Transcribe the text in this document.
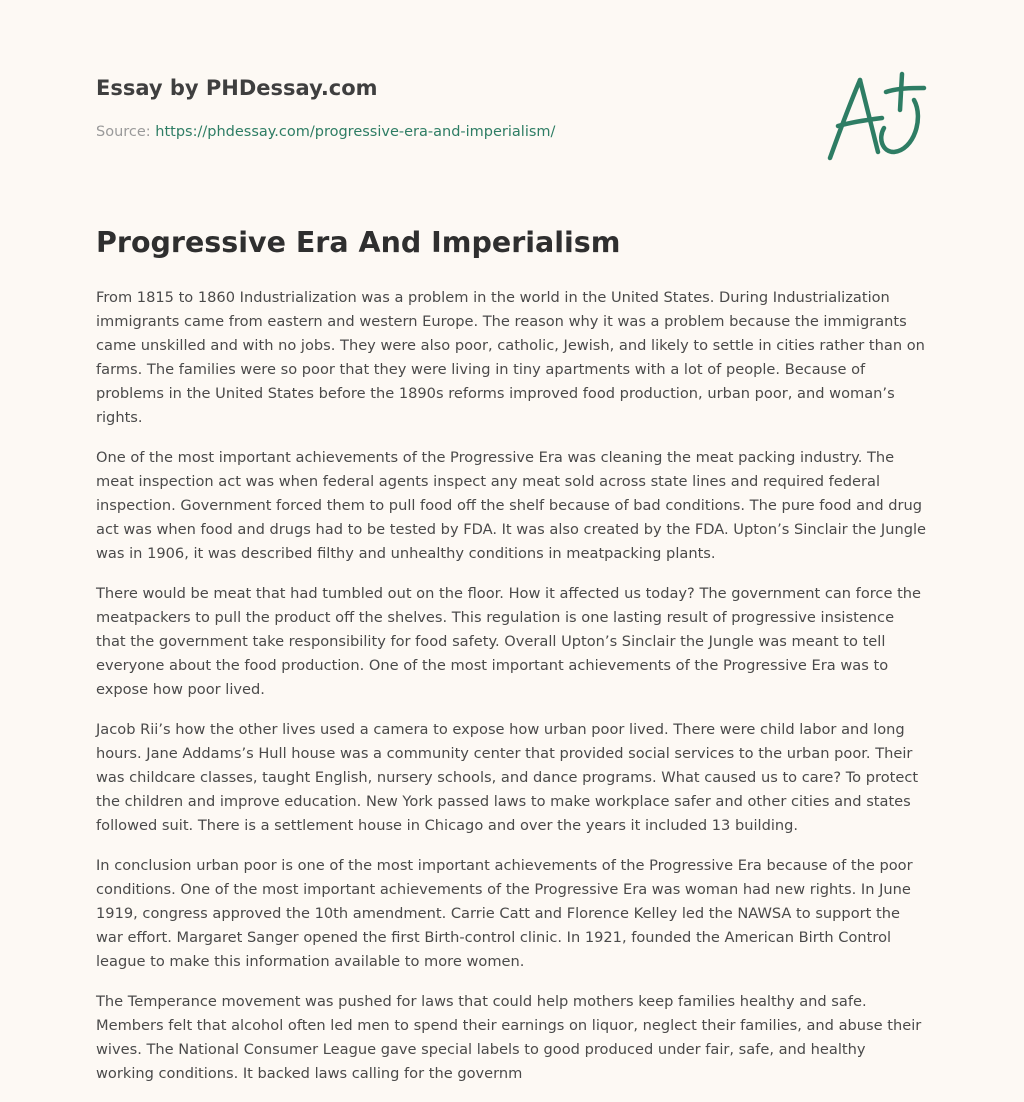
Essay by PHDessay.com
Source: https://phdessay.com/progressive-era-and-imperialism/
Progressive Era And Imperialism

From 1815 to 1860 Industrialization was a problem in the world in the United States. During Industrialization immigrants came from eastern and western Europe. The reason why it was a problem because the immigrants came unskilled and with no jobs. They were also poor, catholic, Jewish, and likely to settle in cities rather than on farms. The families were so poor that they were living in tiny apartments with a lot of people. Because of problems in the United States before the 1890s reforms improved food production, urban poor, and woman’s rights.

One of the most important achievements of the Progressive Era was cleaning the meat packing industry. The meat inspection act was when federal agents inspect any meat sold across state lines and required federal inspection. Government forced them to pull food off the shelf because of bad conditions. The pure food and drug act was when food and drugs had to be tested by FDA. It was also created by the FDA. Upton’s Sinclair the Jungle was in 1906, it was described filthy and unhealthy conditions in meatpacking plants.

There would be meat that had tumbled out on the floor. How it affected us today? The government can force the meatpackers to pull the product off the shelves. This regulation is one lasting result of progressive insistence that the government take responsibility for food safety. Overall Upton’s Sinclair the Jungle was meant to tell everyone about the food production. One of the most important achievements of the Progressive Era was to expose how poor lived.

Jacob Rii’s how the other lives used a camera to expose how urban poor lived. There were child labor and long hours. Jane Addams’s Hull house was a community center that provided social services to the urban poor. Their was childcare classes, taught English, nursery schools, and dance programs. What caused us to care? To protect the children and improve education. New York passed laws to make workplace safer and other cities and states followed suit. There is a settlement house in Chicago and over the years it included 13 building.

In conclusion urban poor is one of the most important achievements of the Progressive Era because of the poor conditions. One of the most important achievements of the Progressive Era was woman had new rights. In June 1919, congress approved the 10th amendment. Carrie Catt and Florence Kelley led the NAWSA to support the war effort. Margaret Sanger opened the first Birth-control clinic. In 1921, founded the American Birth Control league to make this information available to more women.

The Temperance movement was pushed for laws that could help mothers keep families healthy and safe. Members felt that alcohol often led men to spend their earnings on liquor, neglect their families, and abuse their wives. The National Consumer League gave special labels to good produced under fair, safe, and healthy working conditions. It backed laws calling for the governm
